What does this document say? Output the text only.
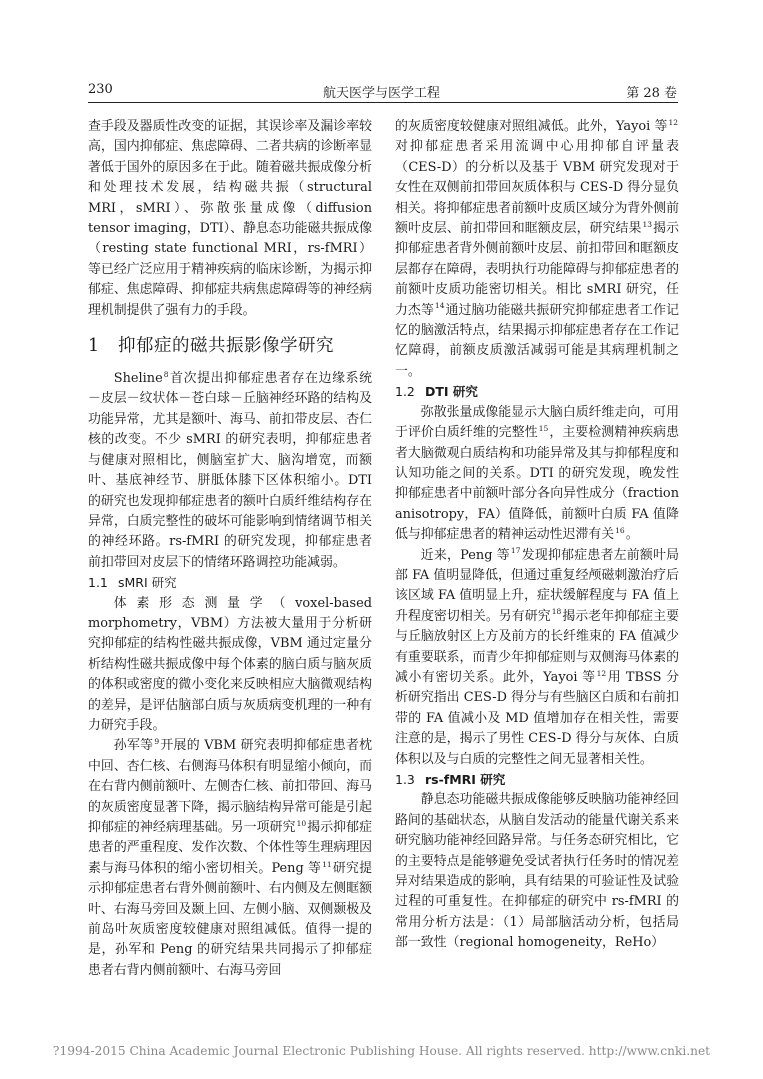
230	航天医学与医学工程	第 28 卷

查手段及器质性改变的证据，其误诊率及漏诊率较高，国内抑郁症、焦虑障碍、二者共病的诊断率显著低于国外的原因多在于此。随着磁共振成像分析和处理技术发展，结构磁共振（structural MRI，sMRI）、弥散张量成像（diffusion tensor imaging，DTI）、静息态功能磁共振成像（resting state functional MRI，rs-fMRI）等已经广泛应用于精神疾病的临床诊断，为揭示抑郁症、焦虑障碍、抑郁症共病焦虑障碍等的神经病理机制提供了强有力的手段。

1 抑郁症的磁共振影像学研究

Sheline$^8$首次提出抑郁症患者存在边缘系统－皮层－纹状体－苍白球－丘脑神经环路的结构及功能异常，尤其是额叶、海马、前扣带皮层、杏仁核的改变。不少 sMRI 的研究表明，抑郁症患者与健康对照相比，侧脑室扩大、脑沟增宽，而额叶、基底神经节、胼胝体膝下区体积缩小。DTI 的研究也发现抑郁症患者的额叶白质纤维结构存在异常，白质完整性的破坏可能影响到情绪调节相关的神经环路。rs-fMRI 的研究发现，抑郁症患者前扣带回对皮层下的情绪环路调控功能减弱。

1.1 sMRI 研究

体素形态测量学（voxel-based morphometry，VBM）方法被大量用于分析研究抑郁症的结构性磁共振成像，VBM 通过定量分析结构性磁共振成像中每个体素的脑白质与脑灰质的体积或密度的微小变化来反映相应大脑微观结构的差异，是评估脑部白质与灰质病变机理的一种有力研究手段。

孙军等$^9$开展的 VBM 研究表明抑郁症患者枕中回、杏仁核、右侧海马体积有明显缩小倾向，而在右背内侧前额叶、左侧杏仁核、前扣带回、海马的灰质密度显著下降，揭示脑结构异常可能是引起抑郁症的神经病理基础。另一项研究$^{10}$揭示抑郁症患者的严重程度、发作次数、个体性等生理病理因素与海马体积的缩小密切相关。Peng 等$^{11}$研究提示抑郁症患者右背外侧前额叶、右内侧及左侧眶额叶、右海马旁回及颞上回、左侧小脑、双侧颞极及前岛叶灰质密度较健康对照组减低。值得一提的是，孙军和 Peng 的研究结果共同揭示了抑郁症患者右背内侧前额叶、右海马旁回

的灰质密度较健康对照组减低。此外，Yayoi 等$^{12}$对抑郁症患者采用流调中心用抑郁自评量表（CES-D）的分析以及基于 VBM 研究发现对于女性在双侧前扣带回灰质体积与 CES-D 得分显负相关。将抑郁症患者前额叶皮质区域分为背外侧前额叶皮层、前扣带回和眶额皮层，研究结果$^{13}$揭示抑郁症患者背外侧前额叶皮层、前扣带回和眶额皮层都存在障碍，表明执行功能障碍与抑郁症患者的前额叶皮质功能密切相关。相比 sMRI 研究，任力杰等$^{14}$通过脑功能磁共振研究抑郁症患者工作记忆的脑激活特点，结果揭示抑郁症患者存在工作记忆障碍，前额皮质激活减弱可能是其病理机制之一。

1.2 DTI 研究

弥散张量成像能显示大脑白质纤维走向，可用于评价白质纤维的完整性$^{15}$，主要检测精神疾病患者大脑微观白质结构和功能异常及其与抑郁程度和认知功能之间的关系。DTI 的研究发现，晚发性抑郁症患者中前额叶部分各向异性成分（fraction anisotropy，FA）值降低，前额叶白质 FA 值降低与抑郁症患者的精神运动性迟滞有关$^{16}$。

近来，Peng 等$^{17}$发现抑郁症患者左前额叶局部 FA 值明显降低，但通过重复经颅磁刺激治疗后该区域 FA 值明显上升，症状缓解程度与 FA 值上升程度密切相关。另有研究$^{18}$揭示老年抑郁症主要与丘脑放射区上方及前方的长纤维束的 FA 值减少有重要联系，而青少年抑郁症则与双侧海马体素的减小有密切关系。此外，Yayoi 等$^{12}$用 TBSS 分析研究指出 CES-D 得分与有些脑区白质和右前扣带的 FA 值减小及 MD 值增加存在相关性，需要注意的是，揭示了男性 CES-D 得分与灰体、白质体积以及与白质的完整性之间无显著相关性。

1.3 rs-fMRI 研究

静息态功能磁共振成像能够反映脑功能神经回路间的基础状态，从脑自发活动的能量代谢关系来研究脑功能神经回路异常。与任务态研究相比，它的主要特点是能够避免受试者执行任务时的情况差异对结果造成的影响，具有结果的可验证性及试验过程的可重复性。在抑郁症的研究中 rs-fMRI 的常用分析方法是：（1）局部脑活动分析，包括局部一致性（regional homogeneity，ReHo）

?1994-2015 China Academic Journal Electronic Publishing House. All rights reserved. http://www.cnki.net
